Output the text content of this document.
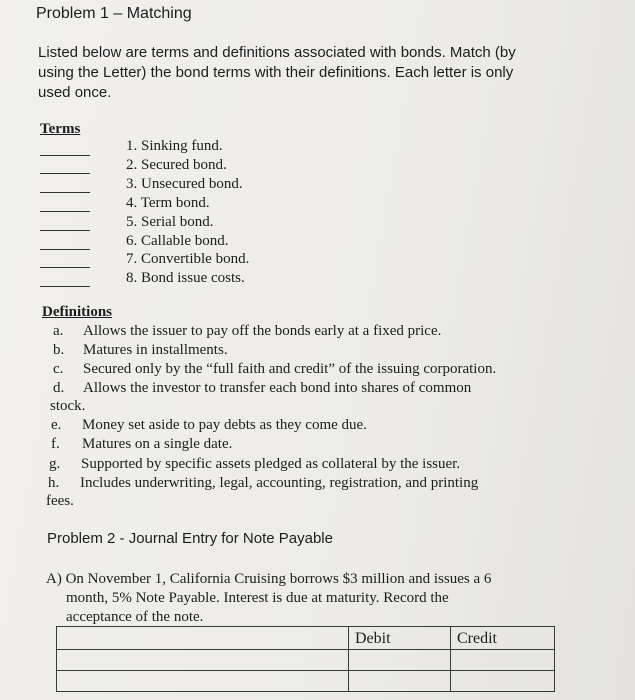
Problem 1 – Matching
Listed below are terms and definitions associated with bonds. Match (by
using the Letter) the bond terms with their definitions. Each letter is only
used once.
Terms
1. Sinking fund.
2. Secured bond.
3. Unsecured bond.
4. Term bond.
5. Serial bond.
6. Callable bond.
7. Convertible bond.
8. Bond issue costs.
Definitions
a. Allows the issuer to pay off the bonds early at a fixed price.
b. Matures in installments.
c. Secured only by the “full faith and credit” of the issuing corporation.
d. Allows the investor to transfer each bond into shares of common
stock.
e. Money set aside to pay debts as they come due.
f. Matures on a single date.
g. Supported by specific assets pledged as collateral by the issuer.
h. Includes underwriting, legal, accounting, registration, and printing
fees.
Problem 2 - Journal Entry for Note Payable
A) On November 1, California Cruising borrows $3 million and issues a 6
month, 5% Note Payable. Interest is due at maturity. Record the
acceptance of the note.
	Debit	Credit
